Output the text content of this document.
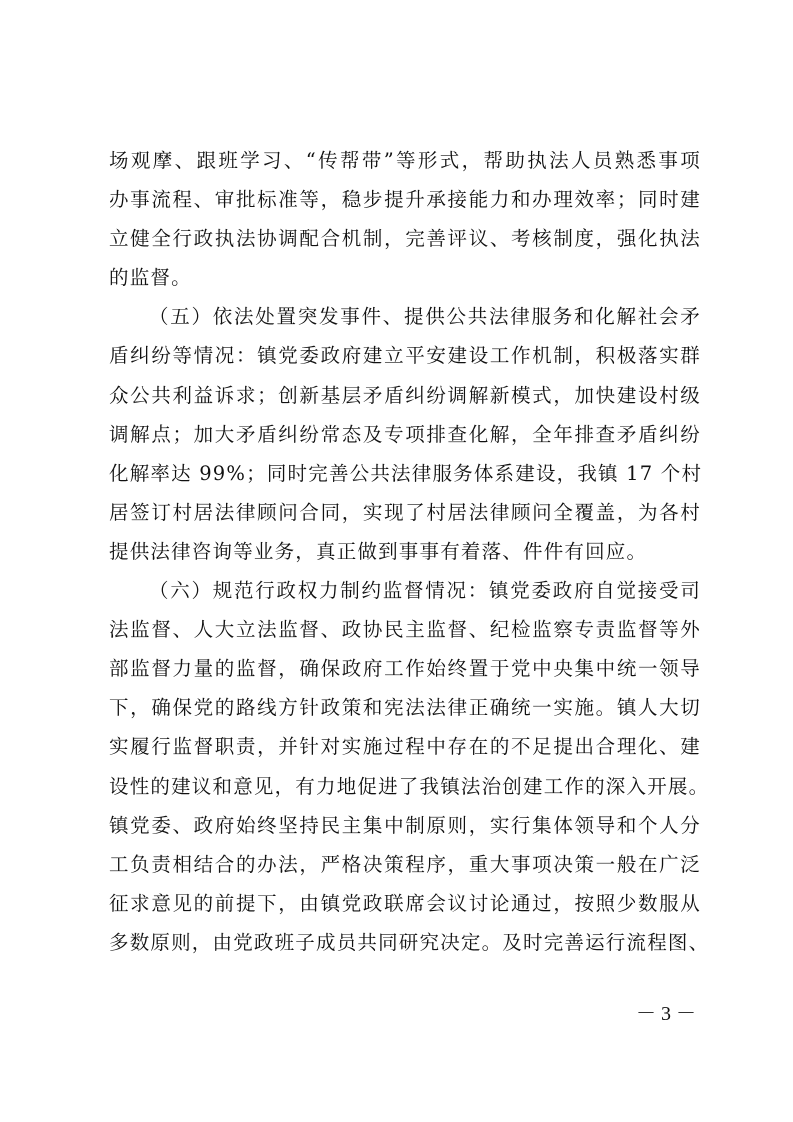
场观摩、跟班学习、“传帮带”等形式，帮助执法人员熟悉事项
办事流程、审批标准等，稳步提升承接能力和办理效率；同时建
立健全行政执法协调配合机制，完善评议、考核制度，强化执法
的监督。
（五）依法处置突发事件、提供公共法律服务和化解社会矛
盾纠纷等情况：镇党委政府建立平安建设工作机制，积极落实群
众公共利益诉求；创新基层矛盾纠纷调解新模式，加快建设村级
调解点；加大矛盾纠纷常态及专项排查化解，全年排查矛盾纠纷
化解率达 99%；同时完善公共法律服务体系建设，我镇 17 个村
居签订村居法律顾问合同，实现了村居法律顾问全覆盖，为各村
提供法律咨询等业务，真正做到事事有着落、件件有回应。
（六）规范行政权力制约监督情况：镇党委政府自觉接受司
法监督、人大立法监督、政协民主监督、纪检监察专责监督等外
部监督力量的监督，确保政府工作始终置于党中央集中统一领导
下，确保党的路线方针政策和宪法法律正确统一实施。镇人大切
实履行监督职责，并针对实施过程中存在的不足提出合理化、建
设性的建议和意见，有力地促进了我镇法治创建工作的深入开展。
镇党委、政府始终坚持民主集中制原则，实行集体领导和个人分
工负责相结合的办法，严格决策程序，重大事项决策一般在广泛
征求意见的前提下，由镇党政联席会议讨论通过，按照少数服从
多数原则，由党政班子成员共同研究决定。及时完善运行流程图、
－ 3 －
